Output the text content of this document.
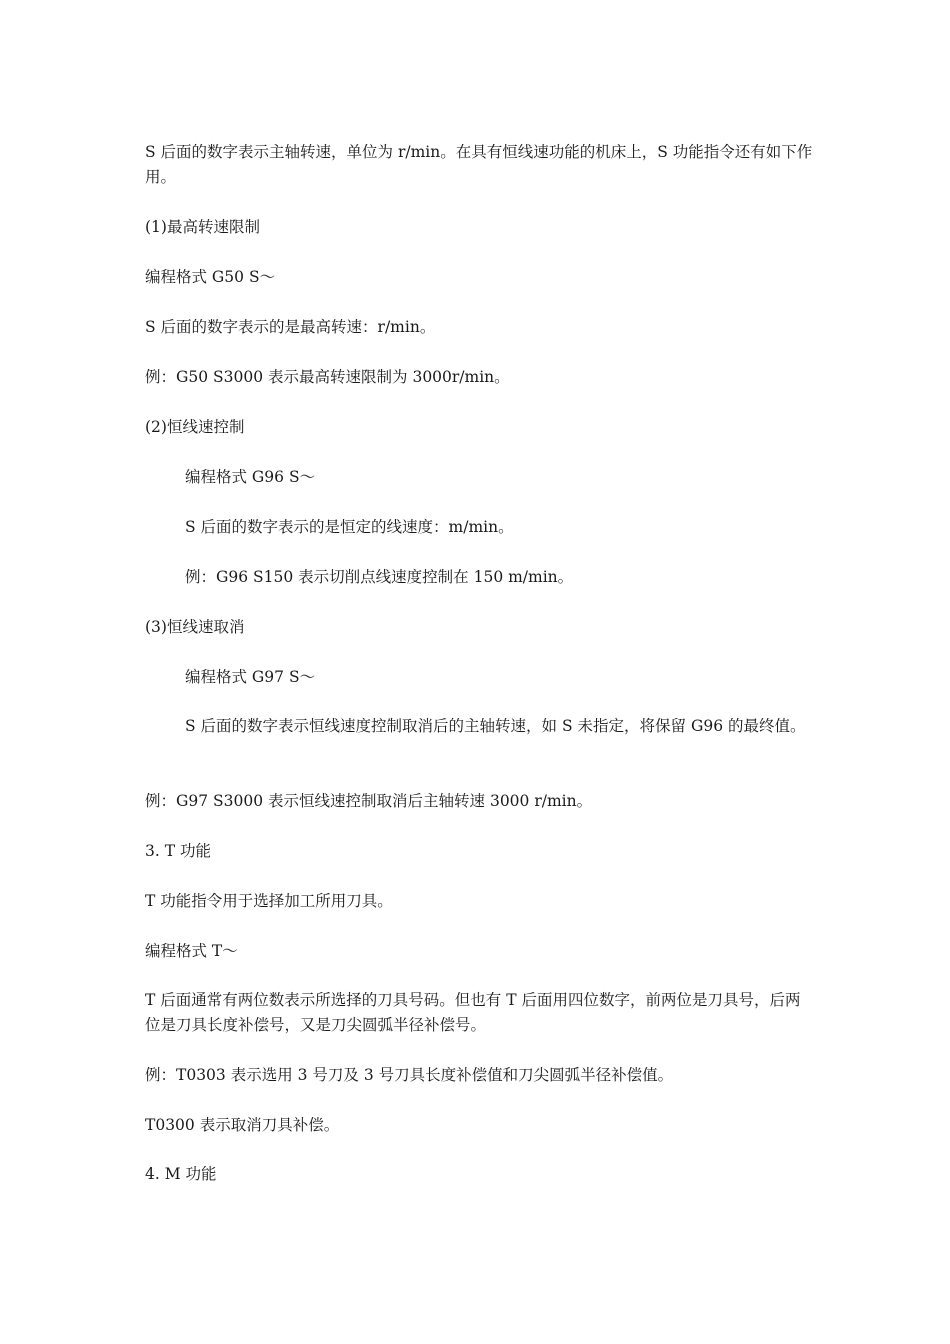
S 后面的数字表示主轴转速，单位为 r/min。在具有恒线速功能的机床上，S 功能指令还有如下作用。

(1)最高转速限制

编程格式 G50 S～

S 后面的数字表示的是最高转速：r/min。

例：G50 S3000 表示最高转速限制为 3000r/min。

(2)恒线速控制

编程格式 G96 S～

S 后面的数字表示的是恒定的线速度：m/min。

例：G96 S150 表示切削点线速度控制在 150 m/min。

(3)恒线速取消

编程格式 G97 S～

S 后面的数字表示恒线速度控制取消后的主轴转速，如 S 未指定，将保留 G96 的最终值。

例：G97 S3000 表示恒线速控制取消后主轴转速 3000 r/min。

3. T 功能

T 功能指令用于选择加工所用刀具。

编程格式 T～

T 后面通常有两位数表示所选择的刀具号码。但也有 T 后面用四位数字，前两位是刀具号，后两位是刀具长度补偿号，又是刀尖圆弧半径补偿号。

例：T0303 表示选用 3 号刀及 3 号刀具长度补偿值和刀尖圆弧半径补偿值。

T0300 表示取消刀具补偿。

4. M 功能
